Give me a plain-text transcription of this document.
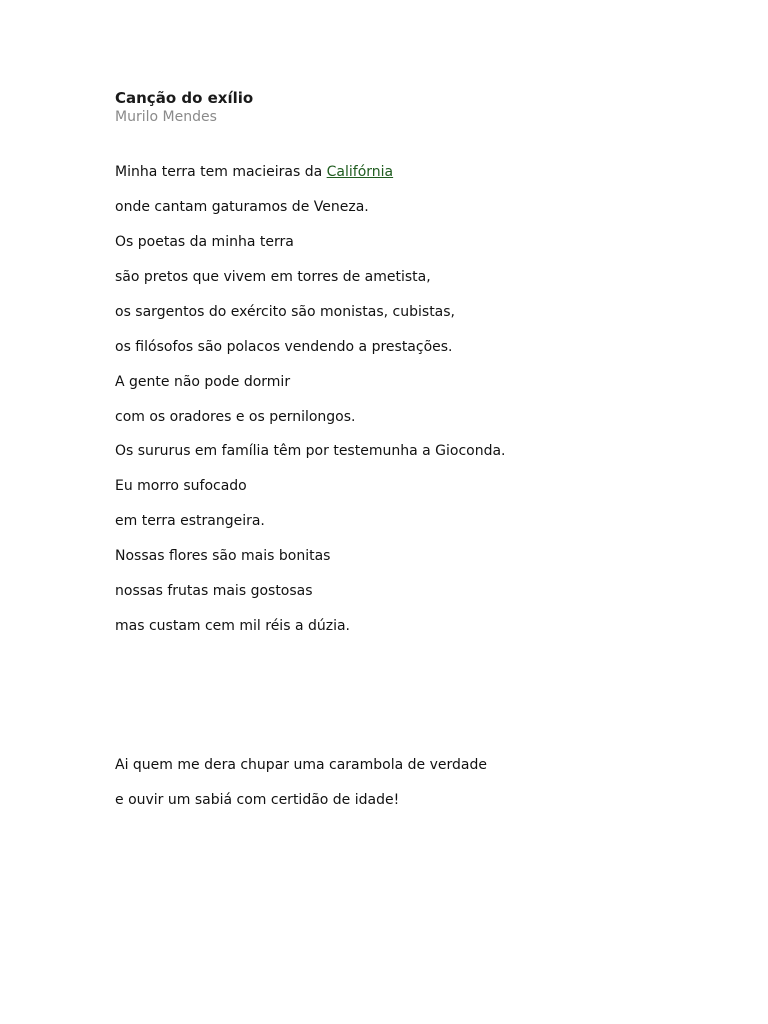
Canção do exílio
Murilo Mendes

Minha terra tem macieiras da Califórnia

onde cantam gaturamos de Veneza.

Os poetas da minha terra

são pretos que vivem em torres de ametista,

os sargentos do exército são monistas, cubistas,

os filósofos são polacos vendendo a prestações.

A gente não pode dormir

com os oradores e os pernilongos.

Os sururus em família têm por testemunha a Gioconda.

Eu morro sufocado

em terra estrangeira.

Nossas flores são mais bonitas

nossas frutas mais gostosas

mas custam cem mil réis a dúzia.

Ai quem me dera chupar uma carambola de verdade

e ouvir um sabiá com certidão de idade!
